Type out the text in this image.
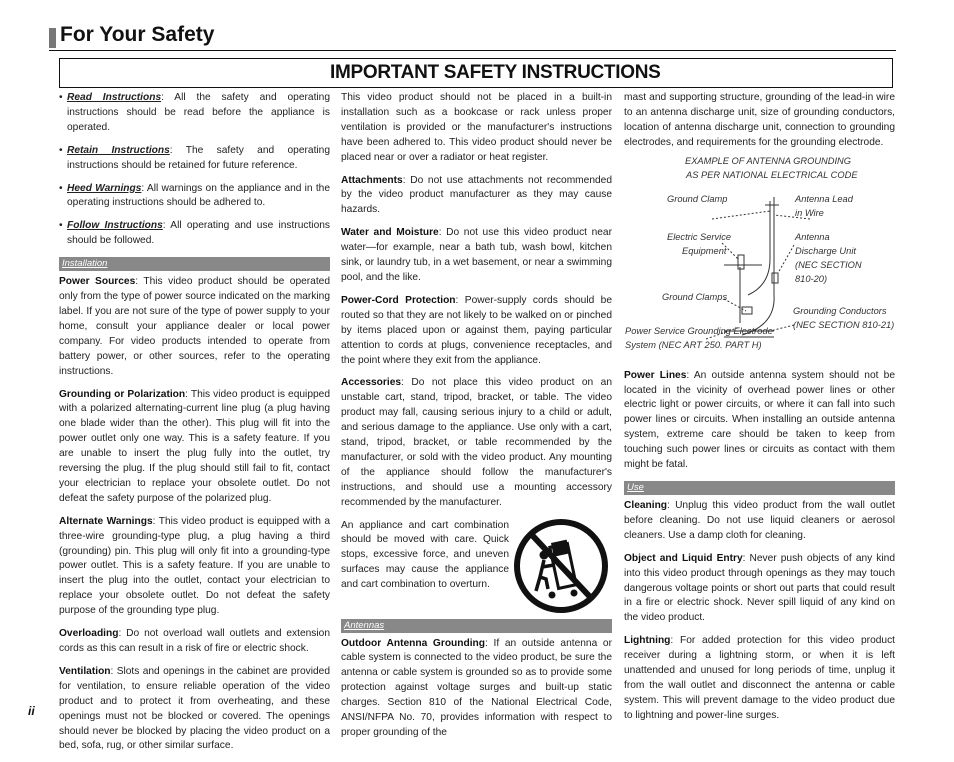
For Your Safety
IMPORTANT SAFETY INSTRUCTIONS

• Read Instructions: All the safety and operating instructions should be read before the appliance is operated.

• Retain Instructions: The safety and operating instructions should be retained for future reference.

• Heed Warnings: All warnings on the appliance and in the operating instructions should be adhered to.

• Follow Instructions: All operating and use instructions should be followed.

Installation

Power Sources: This video product should be operated only from the type of power source indicated on the marking label. If you are not sure of the type of power supply to your home, consult your appliance dealer or local power company. For video products intended to operate from battery power, or other sources, refer to the operating instructions.

Grounding or Polarization: This video product is equipped with a polarized alternating-current line plug (a plug having one blade wider than the other). This plug will fit into the power outlet only one way. This is a safety feature. If you are unable to insert the plug fully into the outlet, try reversing the plug. If the plug should still fail to fit, contact your electrician to replace your obsolete outlet. Do not defeat the safety purpose of the polarized plug.

Alternate Warnings: This video product is equipped with a three-wire grounding-type plug, a plug having a third (grounding) pin. This plug will only fit into a grounding-type power outlet. This is a safety feature. If you are unable to insert the plug into the outlet, contact your electrician to replace your obsolete outlet. Do not defeat the safety purpose of the grounding type plug.

Overloading: Do not overload wall outlets and extension cords as this can result in a risk of fire or electric shock.

Ventilation: Slots and openings in the cabinet are provided for ventilation, to ensure reliable operation of the video product and to protect it from overheating, and these openings must not be blocked or covered. The openings should never be blocked by placing the video product on a bed, sofa, rug, or other similar surface.

This video product should not be placed in a built-in installation such as a bookcase or rack unless proper ventilation is provided or the manufacturer's instructions have been adhered to. This video product should never be placed near or over a radiator or heat register.

Attachments: Do not use attachments not recommended by the video product manufacturer as they may cause hazards.

Water and Moisture: Do not use this video product near water—for example, near a bath tub, wash bowl, kitchen sink, or laundry tub, in a wet basement, or near a swimming pool, and the like.

Power-Cord Protection: Power-supply cords should be routed so that they are not likely to be walked on or pinched by items placed upon or against them, paying particular attention to cords at plugs, convenience receptacles, and the point where they exit from the appliance.

Accessories: Do not place this video product on an unstable cart, stand, tripod, bracket, or table. The video product may fall, causing serious injury to a child or adult, and serious damage to the appliance. Use only with a cart, stand, tripod, bracket, or table recommended by the manufacturer, or sold with the video product. Any mounting of the appliance should follow the manufacturer's instructions, and should use a mounting accessory recommended by the manufacturer.

An appliance and cart combination should be moved with care. Quick stops, excessive force, and uneven surfaces may cause the appliance and cart combination to overturn.
Antennas

Outdoor Antenna Grounding: If an outside antenna or cable system is connected to the video product, be sure the antenna or cable system is grounded so as to provide some protection against voltage surges and built-up static charges. Section 810 of the National Electrical Code, ANSI/NFPA No. 70, provides information with respect to proper grounding of the

mast and supporting structure, grounding of the lead-in wire to an antenna discharge unit, size of grounding conductors, location of antenna discharge unit, connection to grounding electrodes, and requirements for the grounding electrode.

EXAMPLE OF ANTENNA GROUNDING
AS PER NATIONAL ELECTRICAL CODE
Ground Clamp	Antenna Lead
in Wire
Electric Service
Equipment
Antenna
Discharge Unit
(NEC SECTION
810-20)
Ground Clamps
Grounding Conductors
(NEC SECTION 810-21)
Power Service Grounding Electrode
System (NEC ART 250. PART H)

Power Lines: An outside antenna system should not be located in the vicinity of overhead power lines or other electric light or power circuits, or where it can fall into such power lines or circuits. When installing an outside antenna system, extreme care should be taken to keep from touching such power lines or circuits as contact with them might be fatal.

Use

Cleaning: Unplug this video product from the wall outlet before cleaning. Do not use liquid cleaners or aerosol cleaners. Use a damp cloth for cleaning.

Object and Liquid Entry: Never push objects of any kind into this video product through openings as they may touch dangerous voltage points or short out parts that could result in a fire or electric shock. Never spill liquid of any kind on the video product.

Lightning: For added protection for this video product receiver during a lightning storm, or when it is left unattended and unused for long periods of time, unplug it from the wall outlet and disconnect the antenna or cable system. This will prevent damage to the video product due to lightning and power-line surges.

ii
